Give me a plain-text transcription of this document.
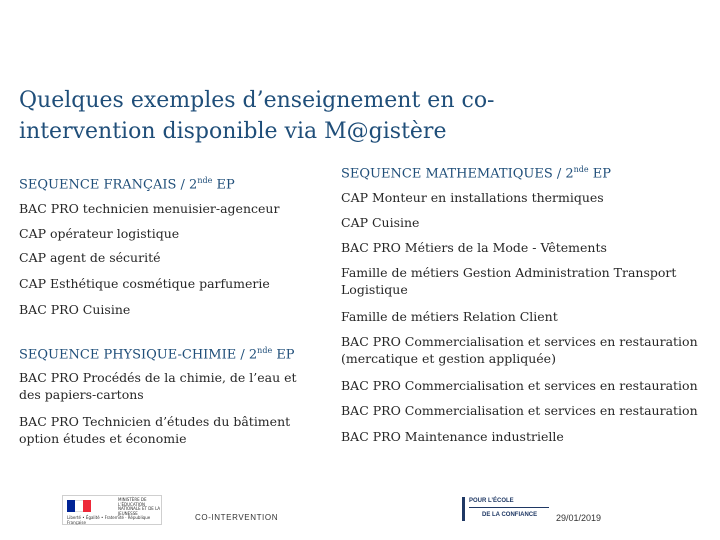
Quelques exemples d’enseignement en co-intervention disponible via M@gistère

SEQUENCE FRANÇAIS / 2nde EP

BAC PRO technicien menuisier-agenceur

CAP opérateur logistique

CAP agent de sécurité

CAP Esthétique cosmétique parfumerie

BAC PRO Cuisine

SEQUENCE PHYSIQUE-CHIMIE / 2nde EP

BAC PRO Procédés de la chimie, de l’eau et des papiers-cartons

BAC PRO Technicien d’études du bâtiment option études et économie

SEQUENCE MATHEMATIQUES / 2nde EP

CAP Monteur en installations thermiques

CAP Cuisine

BAC PRO Métiers de la Mode - Vêtements

Famille de métiers Gestion Administration Transport Logistique

Famille de métiers Relation Client

BAC PRO Commercialisation et services en restauration (mercatique et gestion appliquée)

BAC PRO Commercialisation et services en restauration

BAC PRO Commercialisation et services en restauration

BAC PRO Maintenance industrielle

Liberté • Égalité • Fraternité · République Française
MINISTÈRE DE L’ÉDUCATION NATIONALE ET DE LA JEUNESSE	CO-INTERVENTION
POUR L’ÉCOLE
DE LA CONFIANCE 29/01/2019
